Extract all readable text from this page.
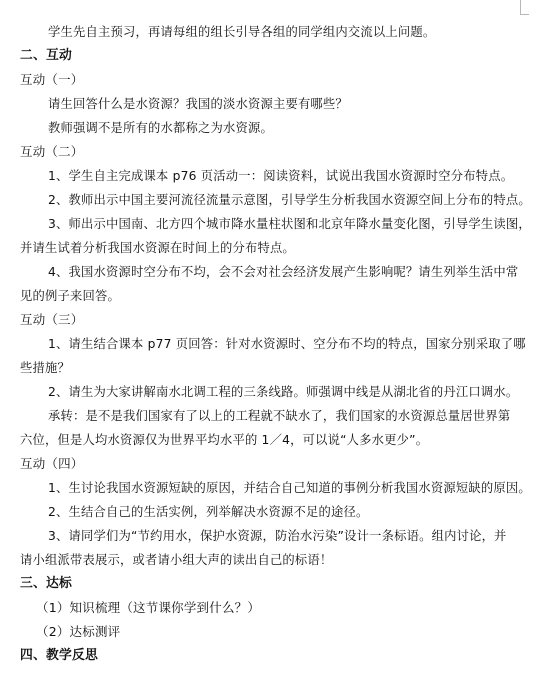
学生先自主预习，再请每组的组长引导各组的同学组内交流以上问题。
二、互动
互动（一）
请生回答什么是水资源？我国的淡水资源主要有哪些？
教师强调不是所有的水都称之为水资源。
互动（二）
1、学生自主完成课本 p76 页活动一：阅读资料，试说出我国水资源时空分布特点。
2、教师出示中国主要河流径流量示意图，引导学生分析我国水资源空间上分布的特点。
3、师出示中国南、北方四个城市降水量柱状图和北京年降水量变化图，引导学生读图，
并请生试着分析我国水资源在时间上的分布特点。
4、我国水资源时空分布不均，会不会对社会经济发展产生影响呢？请生列举生活中常
见的例子来回答。
互动（三）
1、请生结合课本 p77 页回答：针对水资源时、空分布不均的特点，国家分别采取了哪
些措施？
2、请生为大家讲解南水北调工程的三条线路。师强调中线是从湖北省的丹江口调水。
承转：是不是我们国家有了以上的工程就不缺水了，我们国家的水资源总量居世界第
六位，但是人均水资源仅为世界平均水平的 1／4，可以说“人多水更少”。
互动（四）
1、生讨论我国水资源短缺的原因，并结合自己知道的事例分析我国水资源短缺的原因。
2、生结合自己的生活实例，列举解决水资源不足的途径。
3、请同学们为“节约用水，保护水资源，防治水污染”设计一条标语。组内讨论，并
请小组派带表展示，或者请小组大声的读出自己的标语！
三、达标
（1）知识梳理（这节课你学到什么？）
（2）达标测评
四、教学反思
